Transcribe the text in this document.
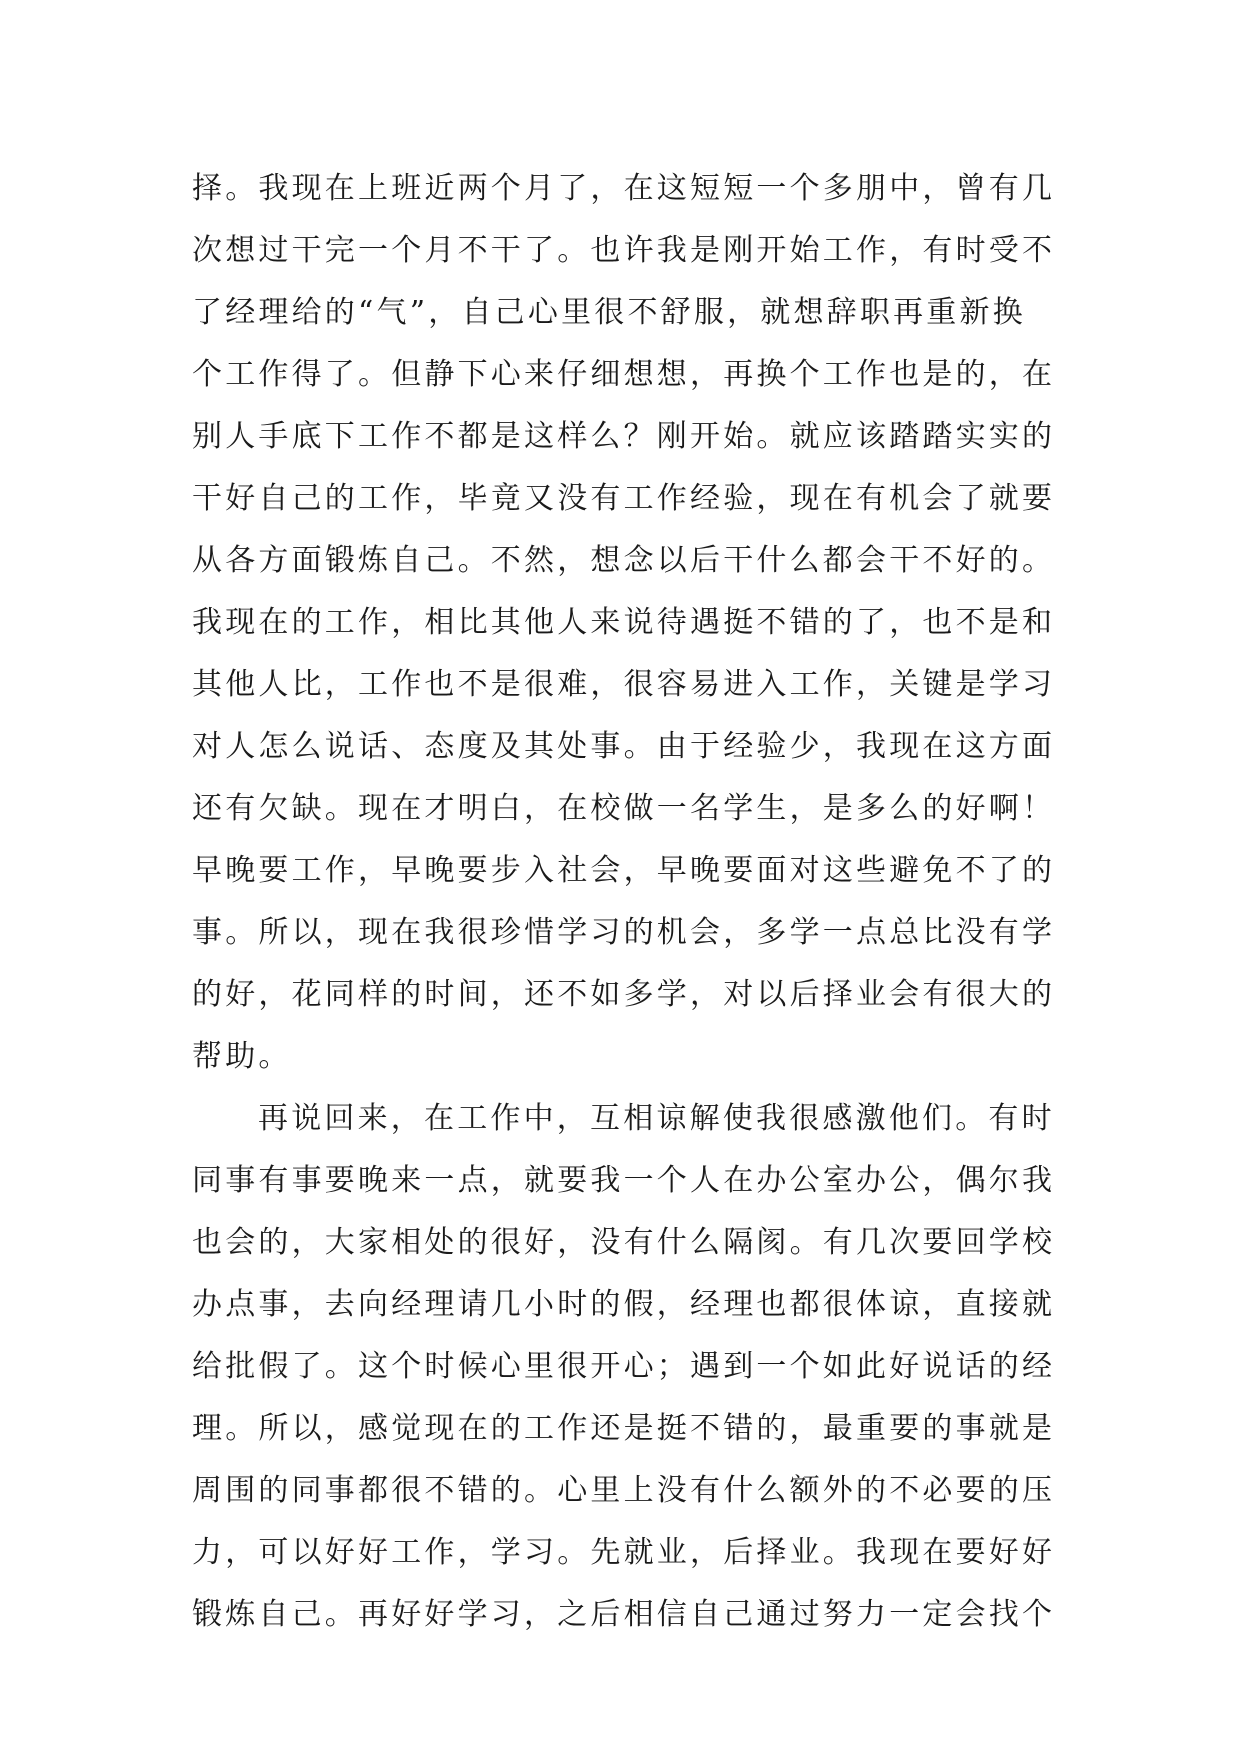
择。我现在上班近两个月了，在这短短一个多朋中，曾有几
次想过干完一个月不干了。也许我是刚开始工作，有时受不
了经理给的“气”，自己心里很不舒服，就想辞职再重新换
个工作得了。但静下心来仔细想想，再换个工作也是的，在
别人手底下工作不都是这样么？刚开始。就应该踏踏实实的
干好自己的工作，毕竟又没有工作经验，现在有机会了就要
从各方面锻炼自己。不然，想念以后干什么都会干不好的。
我现在的工作，相比其他人来说待遇挺不错的了，也不是和
其他人比，工作也不是很难，很容易进入工作，关键是学习
对人怎么说话、态度及其处事。由于经验少，我现在这方面
还有欠缺。现在才明白，在校做一名学生，是多么的好啊！
早晚要工作，早晚要步入社会，早晚要面对这些避免不了的
事。所以，现在我很珍惜学习的机会，多学一点总比没有学
的好，花同样的时间，还不如多学，对以后择业会有很大的
帮助。
再说回来，在工作中，互相谅解使我很感激他们。有时
同事有事要晚来一点，就要我一个人在办公室办公，偶尔我
也会的，大家相处的很好，没有什么隔阂。有几次要回学校
办点事，去向经理请几小时的假，经理也都很体谅，直接就
给批假了。这个时候心里很开心；遇到一个如此好说话的经
理。所以，感觉现在的工作还是挺不错的，最重要的事就是
周围的同事都很不错的。心里上没有什么额外的不必要的压
力，可以好好工作，学习。先就业，后择业。我现在要好好
锻炼自己。再好好学习，之后相信自己通过努力一定会找个
